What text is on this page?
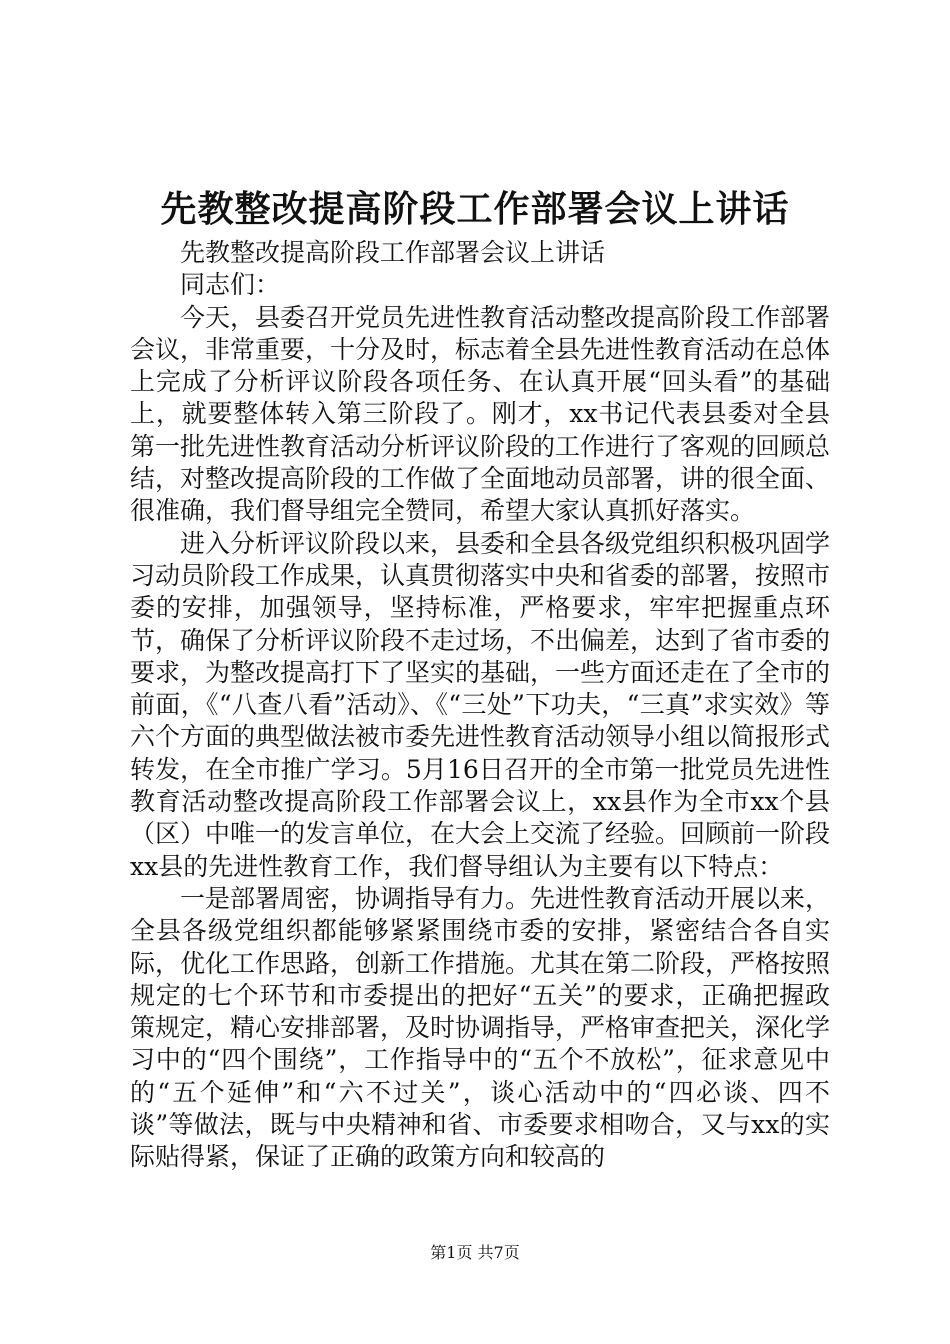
先教整改提高阶段工作部署会议上讲话

先教整改提高阶段工作部署会议上讲话

同志们：

今天，县委召开党员先进性教育活动整改提高阶段工作部署会议，非常重要，十分及时，标志着全县先进性教育活动在总体上完成了分析评议阶段各项任务、在认真开展“回头看”的基础上，就要整体转入第三阶段了。刚才，xx书记代表县委对全县第一批先进性教育活动分析评议阶段的工作进行了客观的回顾总结，对整改提高阶段的工作做了全面地动员部署，讲的很全面、很准确，我们督导组完全赞同，希望大家认真抓好落实。

进入分析评议阶段以来，县委和全县各级党组织积极巩固学习动员阶段工作成果，认真贯彻落实中央和省委的部署，按照市委的安排，加强领导，坚持标准，严格要求，牢牢把握重点环节，确保了分析评议阶段不走过场，不出偏差，达到了省市委的要求，为整改提高打下了坚实的基础，一些方面还走在了全市的前面，《“八查八看”活动》、《“三处”下功夫，“三真”求实效》等六个方面的典型做法被市委先进性教育活动领导小组以简报形式转发，在全市推广学习。5月16日召开的全市第一批党员先进性教育活动整改提高阶段工作部署会议上，xx县作为全市xx个县（区）中唯一的发言单位，在大会上交流了经验。回顾前一阶段xx县的先进性教育工作，我们督导组认为主要有以下特点：

一是部署周密，协调指导有力。先进性教育活动开展以来，全县各级党组织都能够紧紧围绕市委的安排，紧密结合各自实际，优化工作思路，创新工作措施。尤其在第二阶段，严格按照规定的七个环节和市委提出的把好“五关”的要求，正确把握政策规定，精心安排部署，及时协调指导，严格审查把关，深化学习中的“四个围绕”，工作指导中的“五个不放松”，征求意见中的“五个延伸”和“六不过关”，谈心活动中的“四必谈、四不谈”等做法，既与中央精神和省、市委要求相吻合，又与xx的实际贴得紧，保证了正确的政策方向和较高的

第1页 共7页
